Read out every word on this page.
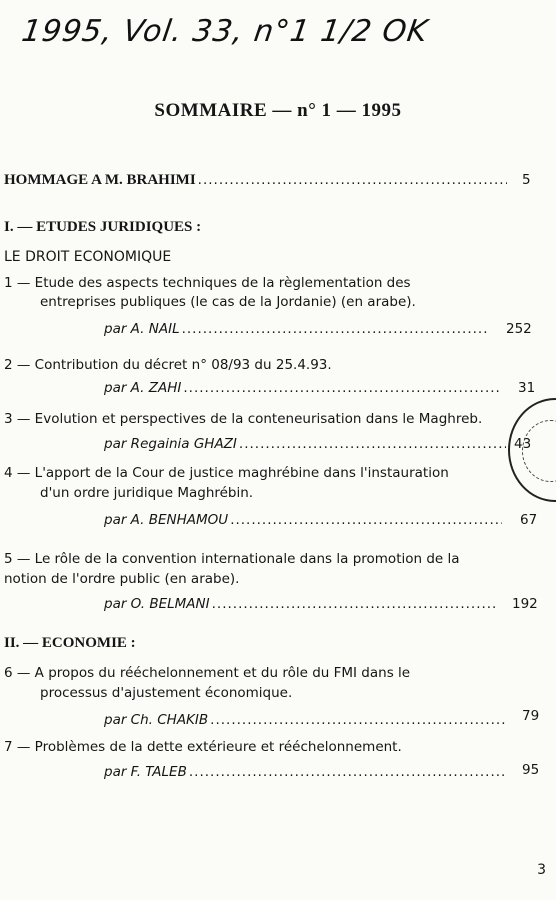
1995, Vol. 33, n°1 1/2 OK
SOMMAIRE — n° 1 — 1995
HOMMAGE A M. BRAHIMI .....	5
I. — ETUDES JURIDIQUES :
LE DROIT ECONOMIQUE
1 — Etude des aspects techniques de la règlementation des
entreprises publiques (le cas de la Jordanie) (en arabe).
par A. NAIL .....	252
2 — Contribution du décret n° 08/93 du 25.4.93.
par A. ZAHI .....	31
3 — Evolution et perspectives de la conteneurisation dans le Maghreb.
par Regainia GHAZI .....	43
4 — L'apport de la Cour de justice maghrébine dans l'instauration
d'un ordre juridique Maghrébin.
par A. BENHAMOU .....	67
5 — Le rôle de la convention internationale dans la promotion de la
notion de l'ordre public (en arabe).
par O. BELMANI .....	192
II. — ECONOMIE :
6 — A propos du rééchelonnement et du rôle du FMI dans le
processus d'ajustement économique.
par Ch. CHAKIB .....	79
7 — Problèmes de la dette extérieure et rééchelonnement.
par F. TALEB .....	95
3
